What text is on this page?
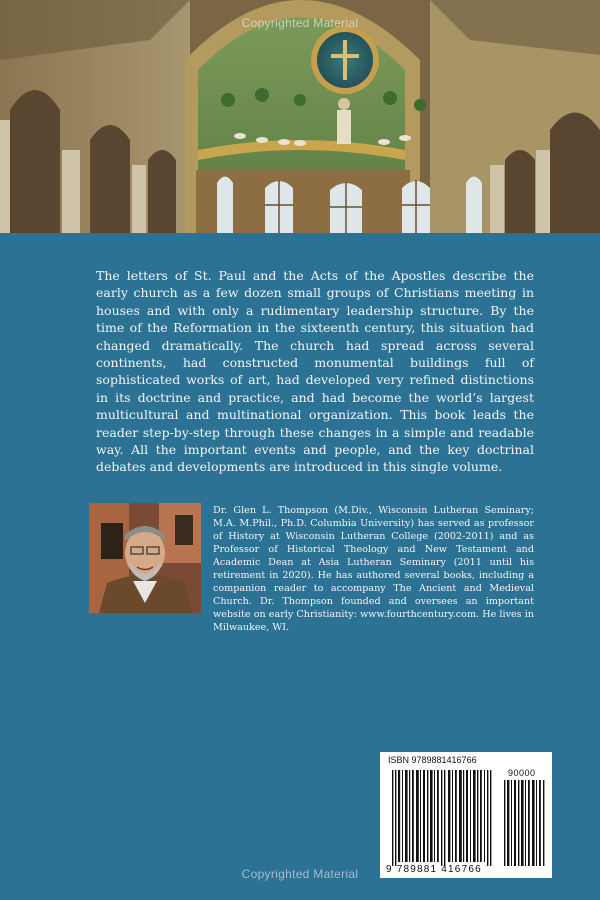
Copyrighted Material

The letters of St. Paul and the Acts of the Apostles describe the early church as a few dozen small groups of Christians meeting in houses and with only a rudimentary leadership structure. By the time of the Reformation in the sixteenth century, this situation had changed dramatically. The church had spread across several continents, had constructed monumental buildings full of sophisticated works of art, had developed very refined distinctions in its doctrine and practice, and had become the world’s largest multicultural and multinational organization. This book leads the reader step-by-step through these changes in a simple and readable way. All the important events and people, and the key doctrinal debates and developments are introduced in this single volume.

Dr. Glen L. Thompson (M.Div., Wisconsin Lutheran Seminary; M.A. M.Phil., Ph.D. Columbia University) has served as professor of History at Wisconsin Lutheran College (2002-2011) and as Professor of Historical Theology and New Testament and Academic Dean at Asia Lutheran Seminary (2011 until his retirement in 2020). He has authored several books, including a companion reader to accompany The Ancient and Medieval Church. Dr. Thompson founded and oversees an important website on early Christianity: www.fourthcentury.com. He lives in Milwaukee, WI.

ISBN 9789881416766
90000
9 789881 416766
Copyrighted Material
